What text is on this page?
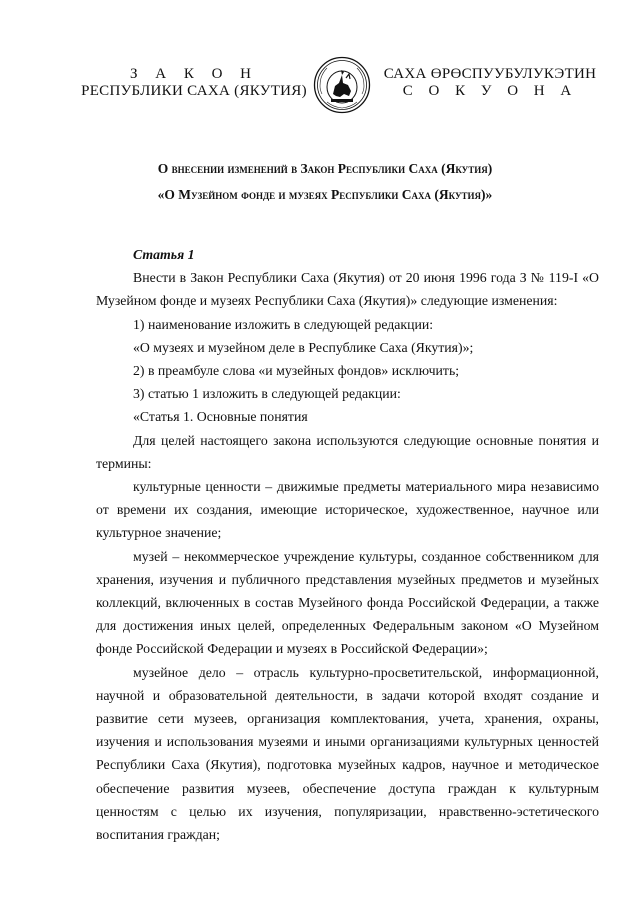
З А К О Н
РЕСПУБЛИКИ САХА (ЯКУТИЯ)
САХА ӨРӨСПУУБУЛУКЭТИН
С О К У О Н А
О внесении изменений в Закон Республики Саха (Якутия)
«О Музейном фонде и музеях Республики Саха (Якутия)»

Статья 1

Внести в Закон Республики Саха (Якутия) от 20 июня 1996 года З № 119-I «О Музейном фонде и музеях Республики Саха (Якутия)» следующие изменения:

1) наименование изложить в следующей редакции:

«О музеях и музейном деле в Республике Саха (Якутия)»;

2) в преамбуле слова «и музейных фондов» исключить;

3) статью 1 изложить в следующей редакции:

«Статья 1. Основные понятия

Для целей настоящего закона используются следующие основные понятия и термины:

культурные ценности – движимые предметы материального мира независимо от времени их создания, имеющие историческое, художественное, научное или культурное значение;

музей – некоммерческое учреждение культуры, созданное собственником для хранения, изучения и публичного представления музейных предметов и музейных коллекций, включенных в состав Музейного фонда Российской Федерации, а также для достижения иных целей, определенных Федеральным законом «О Музейном фонде Российской Федерации и музеях в Российской Федерации»;

музейное дело – отрасль культурно-просветительской, информационной, научной и образовательной деятельности, в задачи которой входят создание и развитие сети музеев, организация комплектования, учета, хранения, охраны, изучения и использования музеями и иными организациями культурных ценностей Республики Саха (Якутия), подготовка музейных кадров, научное и методическое обеспечение развития музеев, обеспечение доступа граждан к культурным ценностям с целью их изучения, популяризации, нравственно-эстетического воспитания граждан;
